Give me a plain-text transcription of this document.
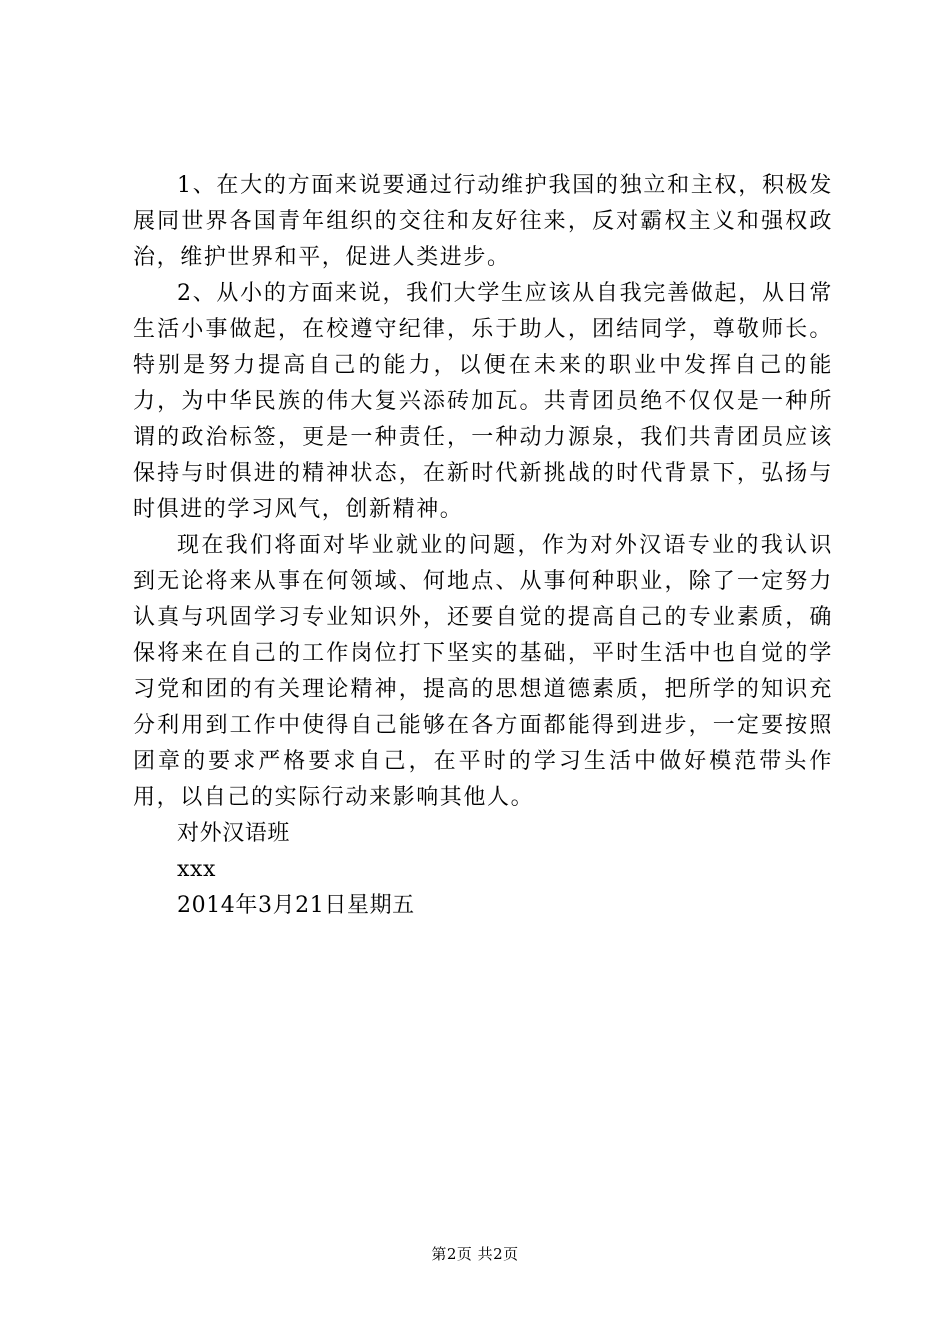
1、在大的方面来说要通过行动维护我国的独立和主权，积极发展同世界各国青年组织的交往和友好往来，反对霸权主义和强权政治，维护世界和平，促进人类进步。

2、从小的方面来说，我们大学生应该从自我完善做起，从日常生活小事做起，在校遵守纪律，乐于助人，团结同学，尊敬师长。特别是努力提高自己的能力，以便在未来的职业中发挥自己的能力，为中华民族的伟大复兴添砖加瓦。共青团员绝不仅仅是一种所谓的政治标签，更是一种责任，一种动力源泉，我们共青团员应该保持与时俱进的精神状态，在新时代新挑战的时代背景下，弘扬与时俱进的学习风气，创新精神。

现在我们将面对毕业就业的问题，作为对外汉语专业的我认识到无论将来从事在何领域、何地点、从事何种职业，除了一定努力认真与巩固学习专业知识外，还要自觉的提高自己的专业素质，确保将来在自己的工作岗位打下坚实的基础，平时生活中也自觉的学习党和团的有关理论精神，提高的思想道德素质，把所学的知识充分利用到工作中使得自己能够在各方面都能得到进步，一定要按照团章的要求严格要求自己，在平时的学习生活中做好模范带头作用，以自己的实际行动来影响其他人。

对外汉语班

xxx

2014年3月21日星期五

第2页 共2页
